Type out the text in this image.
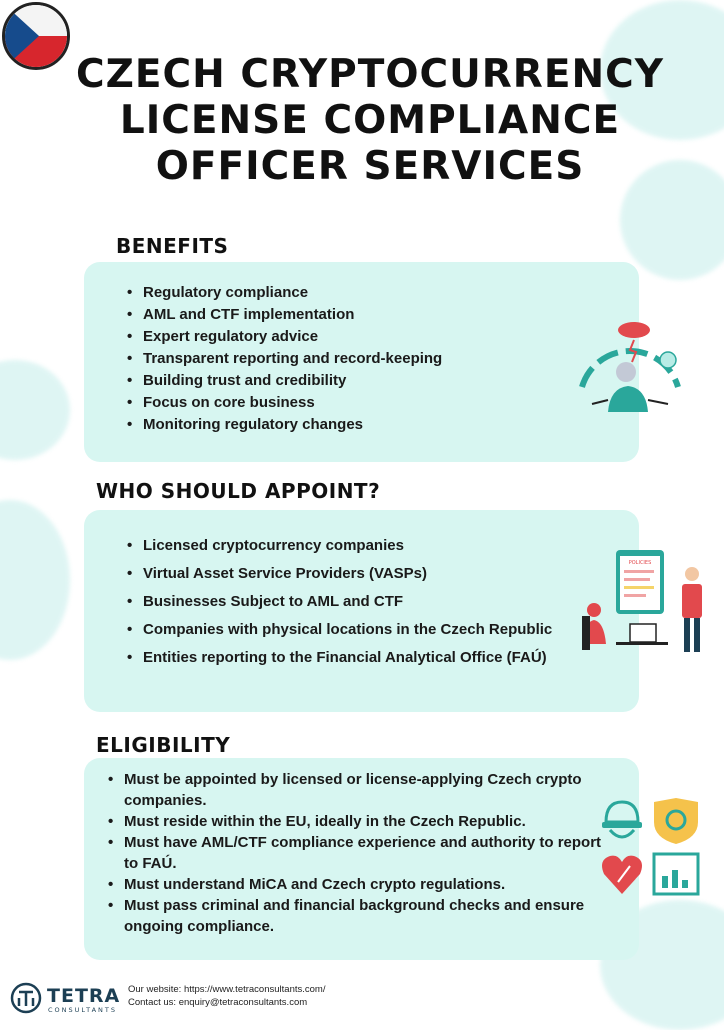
CZECH CRYPTOCURRENCY
LICENSE COMPLIANCE
OFFICER SERVICES
BENEFITS
• Regulatory compliance
• AML and CTF implementation
• Expert regulatory advice
• Transparent reporting and record-keeping
• Building trust and credibility
• Focus on core business
• Monitoring regulatory changes
WHO SHOULD APPOINT?
• Licensed cryptocurrency companies
• Virtual Asset Service Providers (VASPs)
• Businesses Subject to AML and CTF
• Companies with physical locations in the Czech Republic
• Entities reporting to the Financial Analytical Office (FAÚ)
POLICIES
ELIGIBILITY
• Must be appointed by licensed or license-applying Czech crypto companies.
• Must reside within the EU, ideally in the Czech Republic.
• Must have AML/CTF compliance experience and authority to report to FAÚ.
• Must understand MiCA and Czech crypto regulations.
• Must pass criminal and financial background checks and ensure ongoing compliance.
TETRA
CONSULTANTS
Our website: https://www.tetraconsultants.com/
Contact us: enquiry@tetraconsultants.com
